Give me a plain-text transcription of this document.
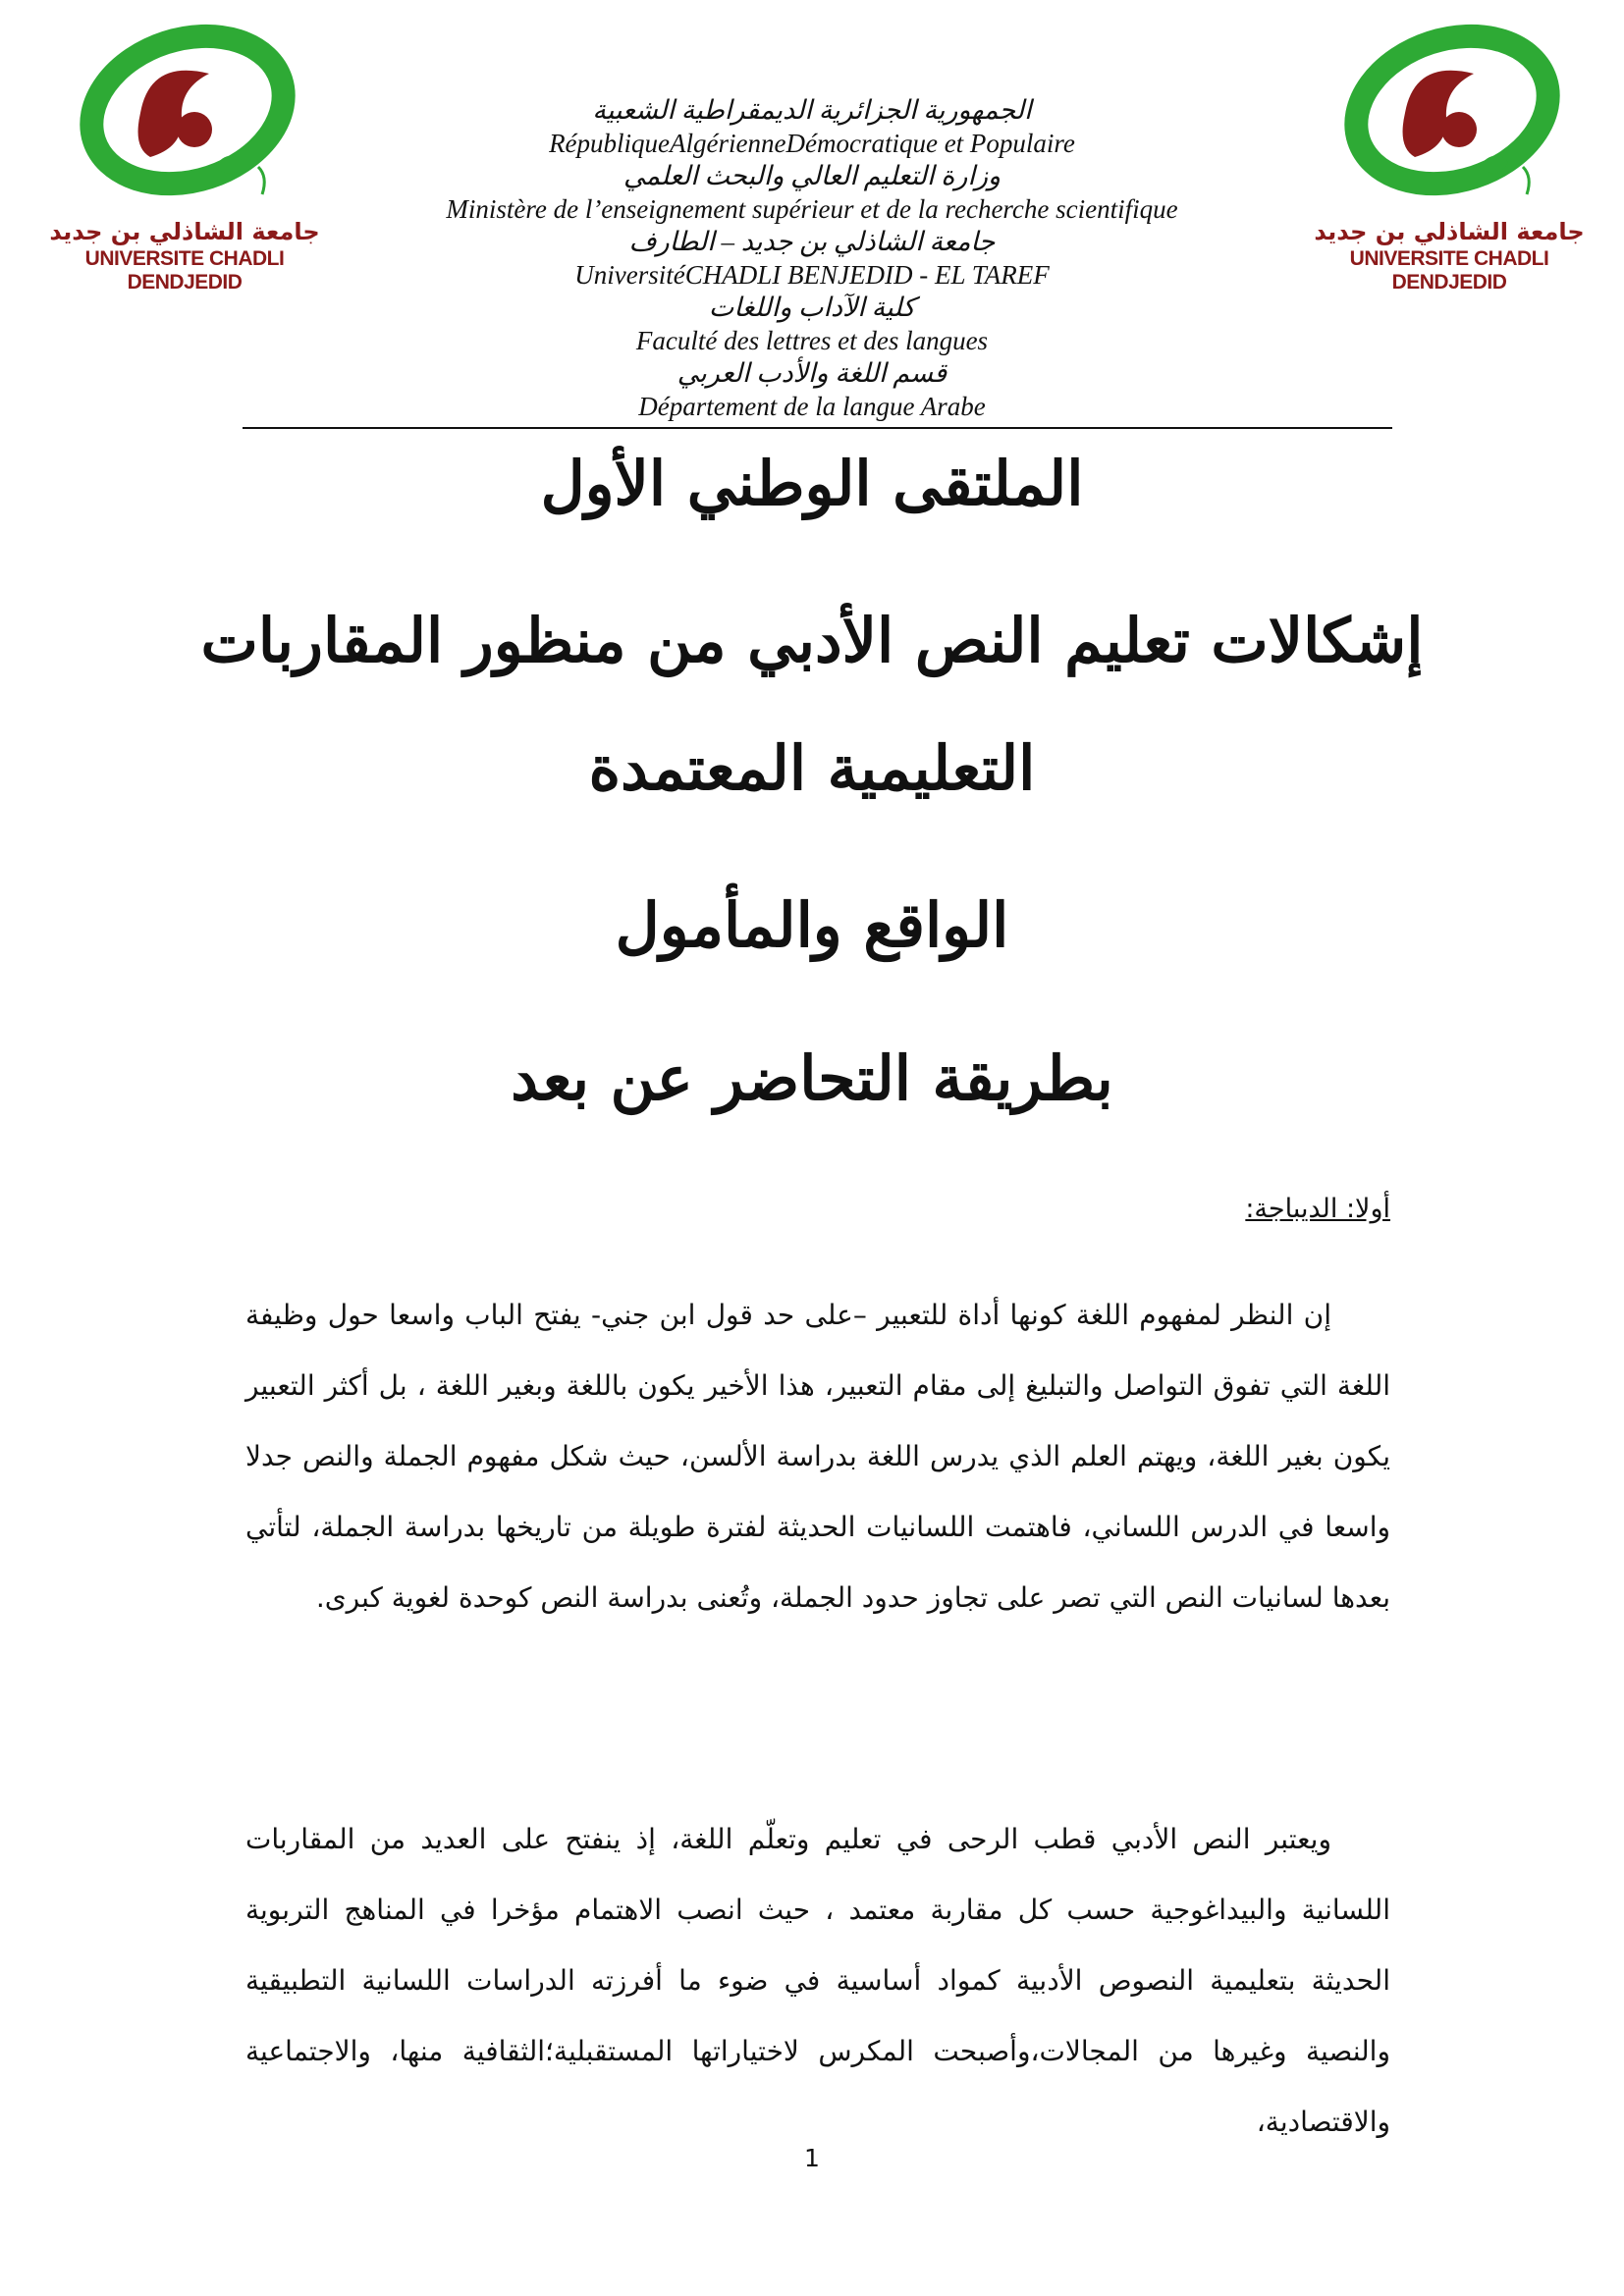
جامعة الشاذلي بن جديد
UNIVERSITE CHADLI DENDJEDID
جامعة الشاذلي بن جديد
UNIVERSITE CHADLI DENDJEDID
الجمهورية الجزائرية الديمقراطية الشعبية
RépubliqueAlgérienneDémocratique et Populaire
وزارة التعليم العالي والبحث العلمي
Ministère de l’enseignement supérieur et de la recherche scientifique
جامعة الشاذلي بن جديد – الطارف
UniversitéCHADLI BENJEDID - EL TAREF
كلية الآداب واللغات
Faculté des lettres et des langues
قسم اللغة والأدب العربي
Département de la langue Arabe
الملتقى الوطني الأول
إشكالات تعليم النص الأدبي من منظور المقاربات
التعليمية المعتمدة
الواقع والمأمول
بطريقة التحاضر عن بعد
أولا: الديباجة:

إن النظر لمفهوم اللغة كونها أداة للتعبير –على حد قول ابن جني- يفتح الباب واسعا حول وظيفة اللغة التي تفوق التواصل والتبليغ إلى مقام التعبير، هذا الأخير يكون باللغة وبغير اللغة ، بل أكثر التعبير يكون بغير اللغة، ويهتم العلم الذي يدرس اللغة بدراسة الألسن، حيث شكل مفهوم الجملة والنص جدلا واسعا في الدرس اللساني، فاهتمت اللسانيات الحديثة لفترة طويلة من تاريخها بدراسة الجملة، لتأتي بعدها لسانيات النص التي تصر على تجاوز حدود الجملة، وتُعنى بدراسة النص كوحدة لغوية كبرى.

ويعتبر النص الأدبي قطب الرحى في تعليم وتعلّم اللغة، إذ ينفتح على العديد من المقاربات اللسانية والبيداغوجية حسب كل مقاربة معتمد ، حيث انصب الاهتمام مؤخرا في المناهج التربوية الحديثة بتعليمية النصوص الأدبية كمواد أساسية في ضوء ما أفرزته الدراسات اللسانية التطبيقية والنصية وغيرها من المجالات،وأصبحت المكرس لاختياراتها المستقبلية؛الثقافية منها، والاجتماعية والاقتصادية،

1
